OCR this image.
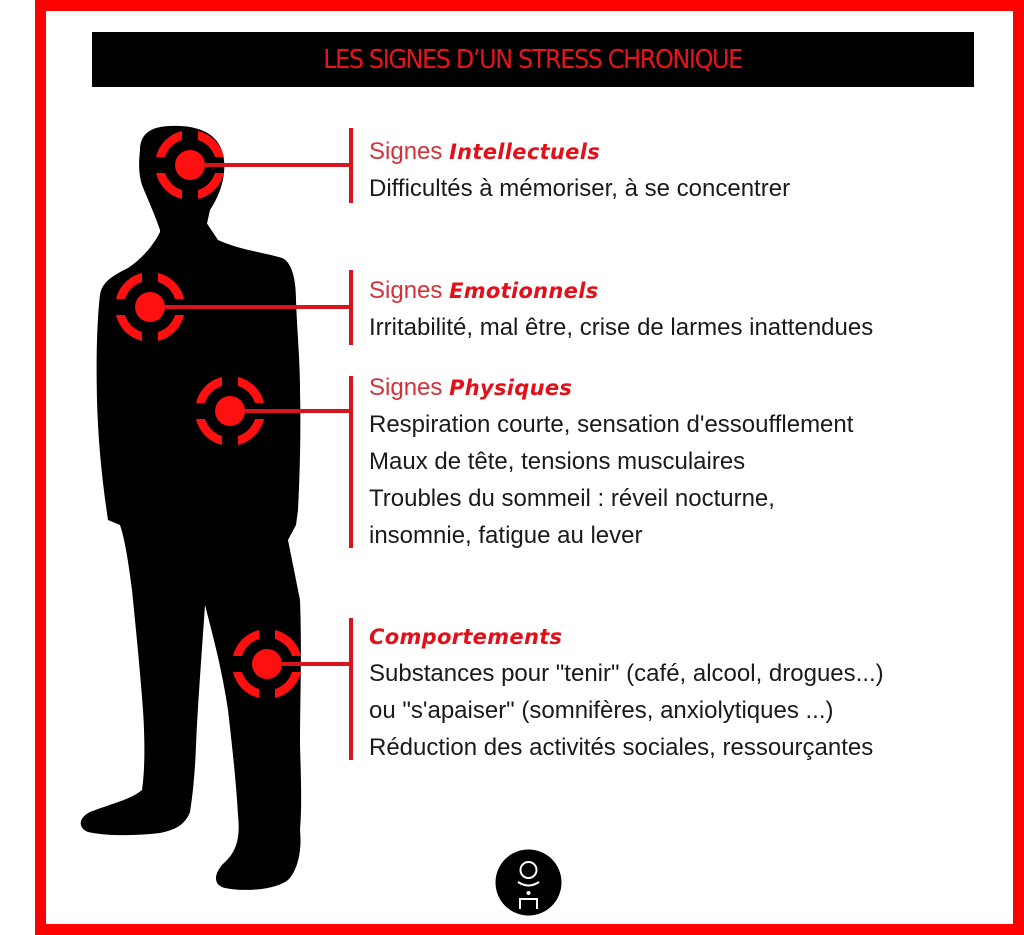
LES SIGNES D’UN STRESS CHRONIQUE
Signes Intellectuels
Difficultés à mémoriser, à se concentrer
Signes Emotionnels
Irritabilité, mal être, crise de larmes inattendues
Signes Physiques
Respiration courte, sensation d'essoufflement
Maux de tête, tensions musculaires
Troubles du sommeil : réveil nocturne,
insomnie, fatigue au lever
Comportements
Substances pour "tenir" (café, alcool, drogues...)
ou "s'apaiser" (somnifères, anxiolytiques ...)
Réduction des activités sociales, ressourçantes
